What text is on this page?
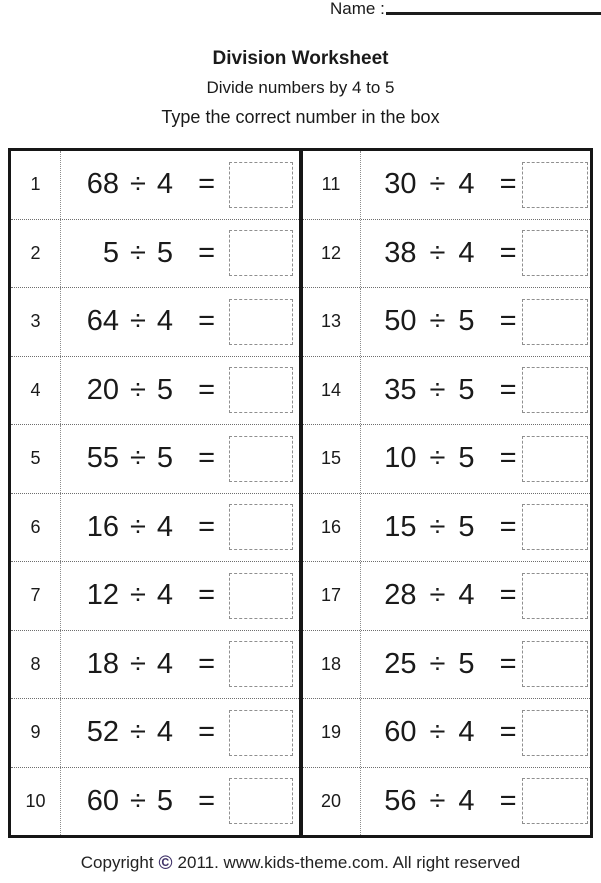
Name :
Division Worksheet
Divide numbers by 4 to 5
Type the correct number in the box
1	68 ÷ 4 =
2	5 ÷ 5 =
3	64 ÷ 4 =
4	20 ÷ 5 =
5	55 ÷ 5 =
6	16 ÷ 4 =
7	12 ÷ 4 =
8	18 ÷ 4 =
9	52 ÷ 4 =
10	60 ÷ 5 =
11	30 ÷ 4 =
12	38 ÷ 4 =
13	50 ÷ 5 =
14	35 ÷ 5 =
15	10 ÷ 5 =
16	15 ÷ 5 =
17	28 ÷ 4 =
18	25 ÷ 5 =
19	60 ÷ 4 =
20	56 ÷ 4 =
Copyright © 2011. www.kids-theme.com. All right reserved
